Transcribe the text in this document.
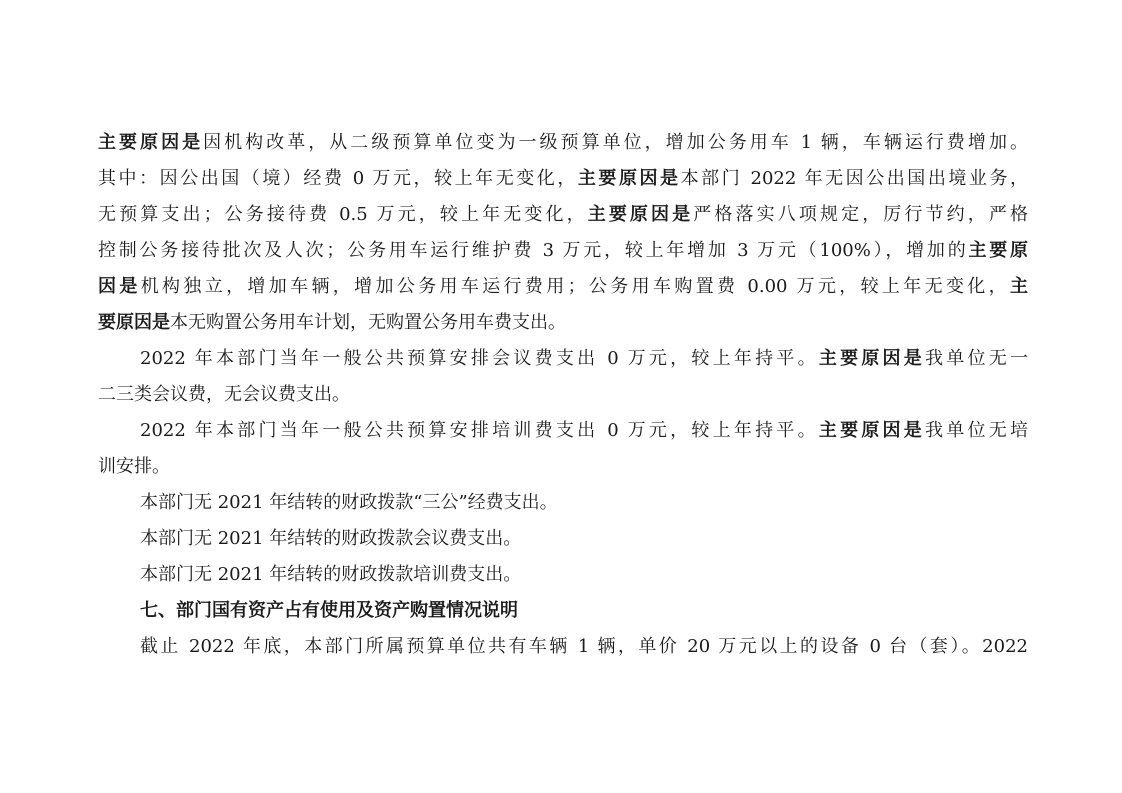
主要原因是因机构改革，从二级预算单位变为一级预算单位，增加公务用车 1 辆，车辆运行费增加。
其中：因公出国（境）经费 0 万元，较上年无变化，主要原因是本部门 2022 年无因公出国出境业务，
无预算支出；公务接待费 0.5 万元，较上年无变化，主要原因是严格落实八项规定，厉行节约，严格
控制公务接待批次及人次；公务用车运行维护费 3 万元，较上年增加 3 万元（100%），增加的主要原
因是机构独立，增加车辆，增加公务用车运行费用；公务用车购置费 0.00 万元，较上年无变化，主
要原因是本无购置公务用车计划，无购置公务用车费支出。
2022 年本部门当年一般公共预算安排会议费支出 0 万元，较上年持平。主要原因是我单位无一
二三类会议费，无会议费支出。
2022 年本部门当年一般公共预算安排培训费支出 0 万元，较上年持平。主要原因是我单位无培
训安排。
本部门无 2021 年结转的财政拨款“三公”经费支出。
本部门无 2021 年结转的财政拨款会议费支出。
本部门无 2021 年结转的财政拨款培训费支出。
七、部门国有资产占有使用及资产购置情况说明
截止 2022 年底，本部门所属预算单位共有车辆 1 辆，单价 20 万元以上的设备 0 台（套）。2022
